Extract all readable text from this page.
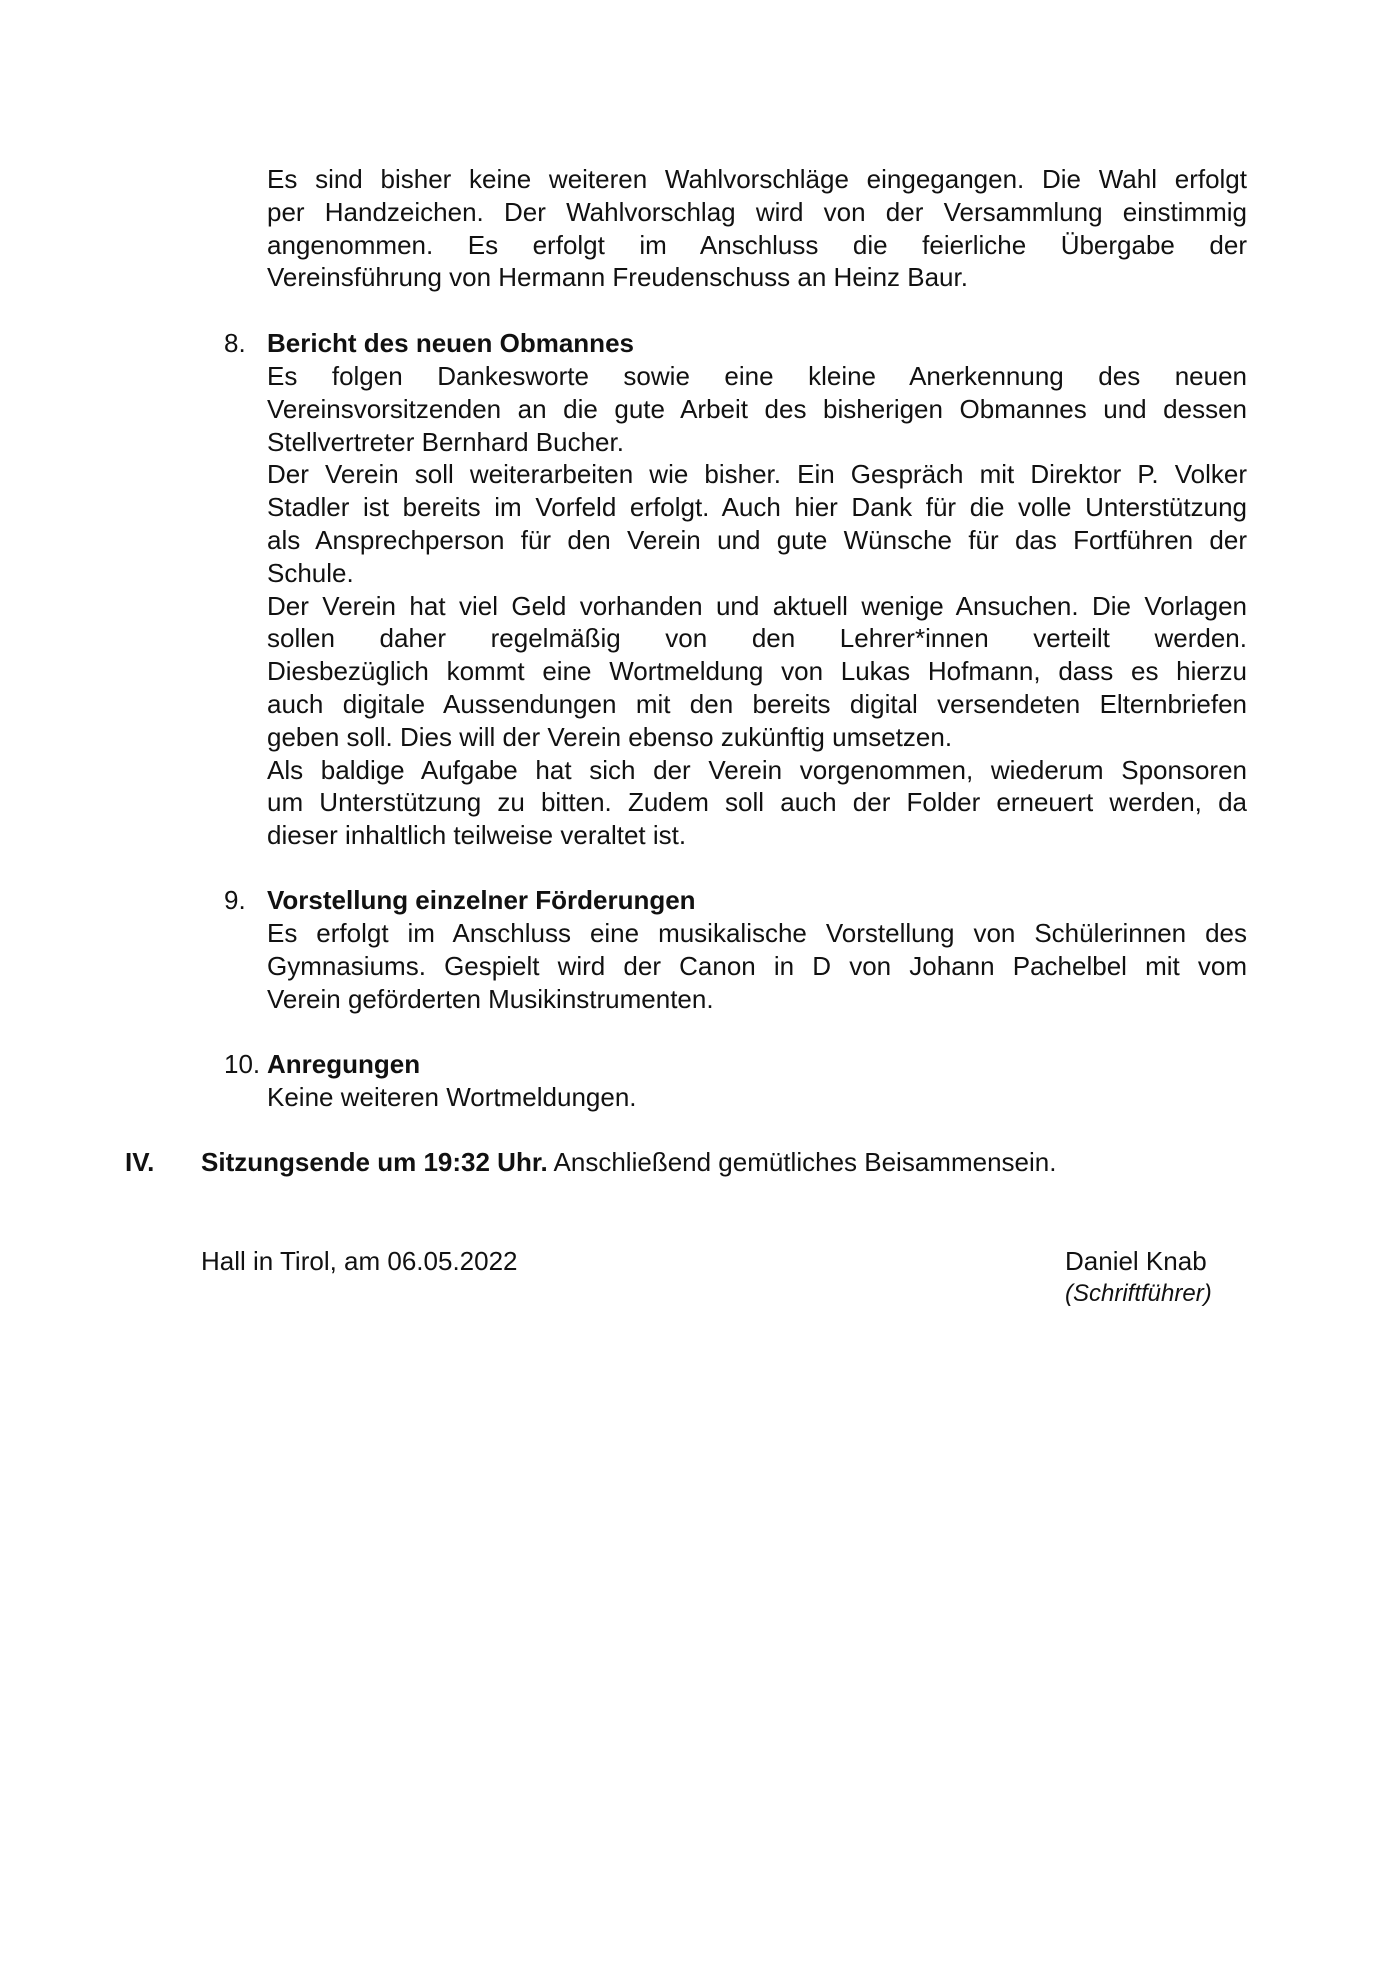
Es sind bisher keine weiteren Wahlvorschläge eingegangen. Die Wahl erfolgt
per Handzeichen. Der Wahlvorschlag wird von der Versammlung einstimmig
angenommen. Es erfolgt im Anschluss die feierliche Übergabe der
Vereinsführung von Hermann Freudenschuss an Heinz Baur.
8. Bericht des neuen Obmannes
Es folgen Dankesworte sowie eine kleine Anerkennung des neuen
Vereinsvorsitzenden an die gute Arbeit des bisherigen Obmannes und dessen
Stellvertreter Bernhard Bucher.
Der Verein soll weiterarbeiten wie bisher. Ein Gespräch mit Direktor P. Volker
Stadler ist bereits im Vorfeld erfolgt. Auch hier Dank für die volle Unterstützung
als Ansprechperson für den Verein und gute Wünsche für das Fortführen der
Schule.
Der Verein hat viel Geld vorhanden und aktuell wenige Ansuchen. Die Vorlagen
sollen daher regelmäßig von den Lehrer*innen verteilt werden.
Diesbezüglich kommt eine Wortmeldung von Lukas Hofmann, dass es hierzu
auch digitale Aussendungen mit den bereits digital versendeten Elternbriefen
geben soll. Dies will der Verein ebenso zukünftig umsetzen.
Als baldige Aufgabe hat sich der Verein vorgenommen, wiederum Sponsoren
um Unterstützung zu bitten. Zudem soll auch der Folder erneuert werden, da
dieser inhaltlich teilweise veraltet ist.
9. Vorstellung einzelner Förderungen
Es erfolgt im Anschluss eine musikalische Vorstellung von Schülerinnen des
Gymnasiums. Gespielt wird der Canon in D von Johann Pachelbel mit vom
Verein geförderten Musikinstrumenten.
10. Anregungen
Keine weiteren Wortmeldungen.
IV. Sitzungsende um 19:32 Uhr. Anschließend gemütliches Beisammensein.
Hall in Tirol, am 06.05.2022	Daniel Knab
(Schriftführer)
